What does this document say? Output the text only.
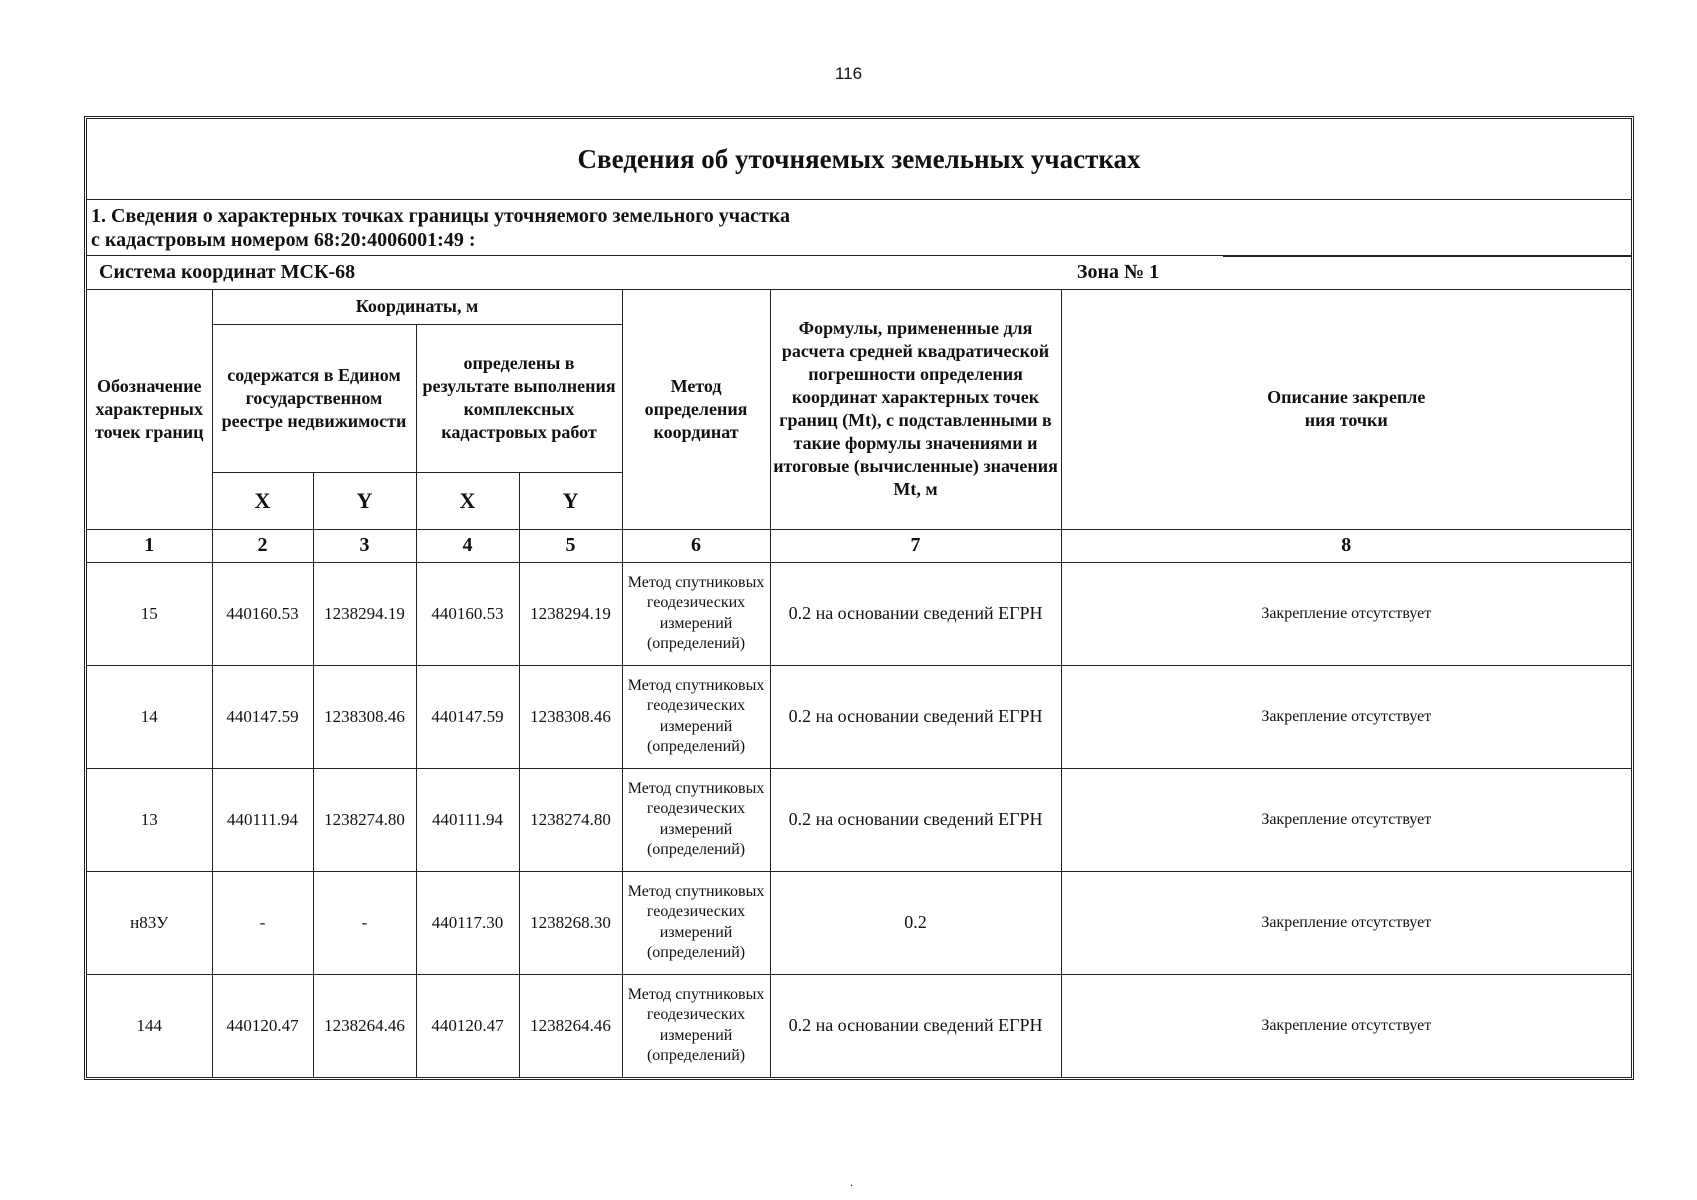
116
Сведения об уточняемых земельных участках
1. Сведения о характерных точках границы уточняемого земельного участка
с кадастровым номером 68:20:4006001:49 :
Система координат МСК-68	Зона № 1
Обозначение характерных точек границ	Координаты, м				Метод определения координат	Формулы, примененные для расчета средней квадратической погрешности определения координат характерных точек границ (Mt), с подставленными в такие формулы значениями и итоговые (вычисленные) значения Mt, м	Описание закрепле
ния точки
	содержатся в Едином государственном реестре недвижимости		определены в результате выполнения комплексных кадастровых работ				
	X	Y	X	Y			
1	2	3	4	5	6	7	8
15	440160.53	1238294.19	440160.53	1238294.19	Метод спутниковых геодезических измерений (определений)	0.2 на основании сведений ЕГРН	Закрепление отсутствует
14	440147.59	1238308.46	440147.59	1238308.46	Метод спутниковых геодезических измерений (определений)	0.2 на основании сведений ЕГРН	Закрепление отсутствует
13	440111.94	1238274.80	440111.94	1238274.80	Метод спутниковых геодезических измерений (определений)	0.2 на основании сведений ЕГРН	Закрепление отсутствует
н83У	-	-	440117.30	1238268.30	Метод спутниковых геодезических измерений (определений)	0.2	Закрепление отсутствует
144	440120.47	1238264.46	440120.47	1238264.46	Метод спутниковых геодезических измерений (определений)	0.2 на основании сведений ЕГРН	Закрепление отсутствует
.
